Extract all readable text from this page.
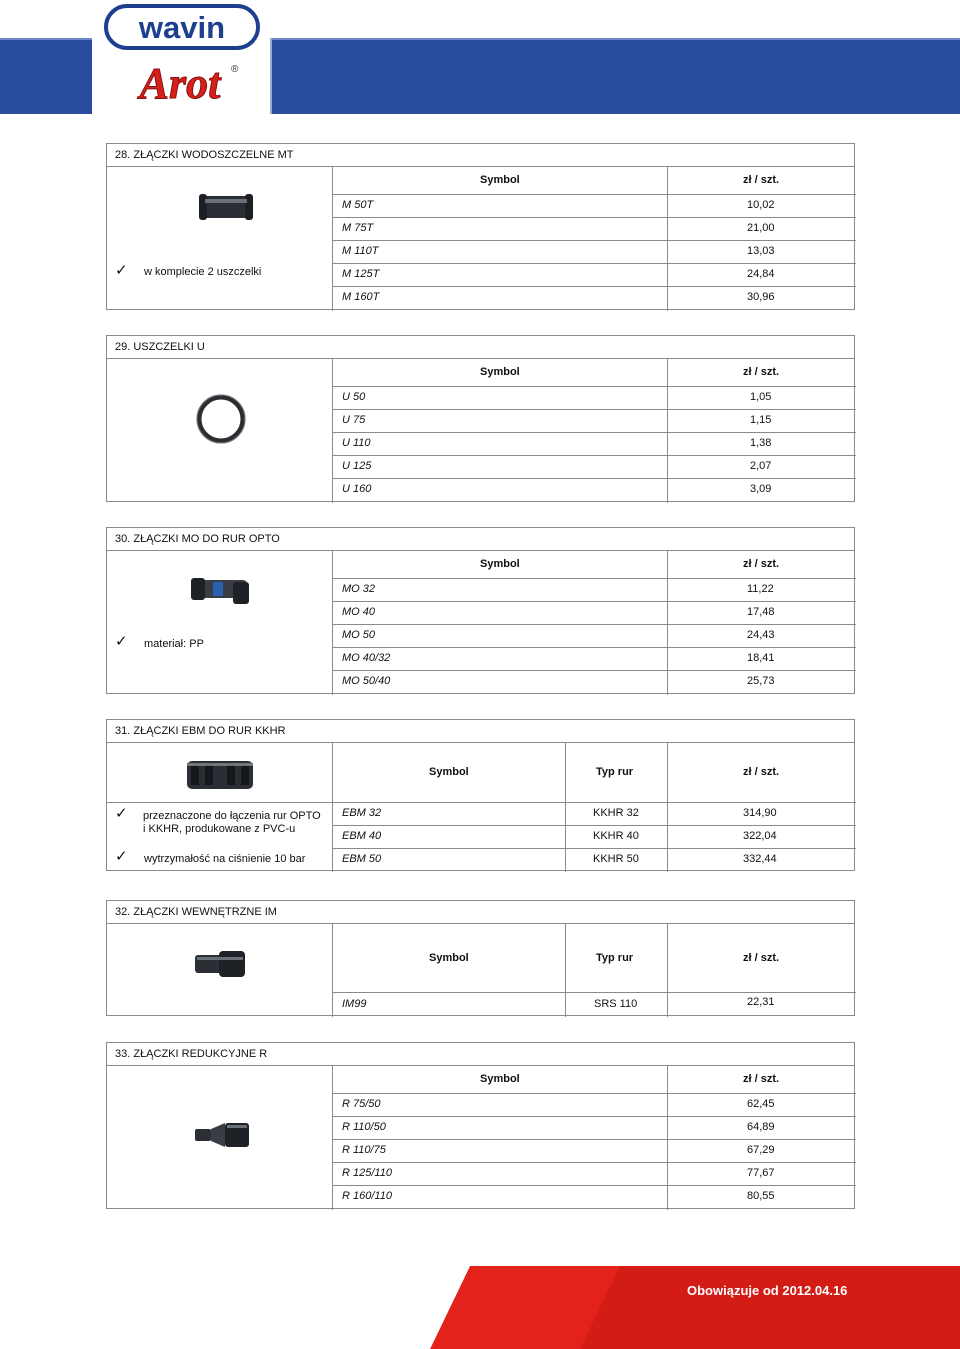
wavin
Arot ®
28. ZŁĄCZKI WODOSZCZELNE MT
Symbol	zł / szt.
M 50T	10,02
M 75T	21,00
M 110T	13,03
M 125T	24,84
M 160T	30,96
✓ w komplecie 2 uszczelki
29. USZCZELKI U
Symbol	zł / szt.
U 50	1,05
U 75	1,15
U 110	1,38
U 125	2,07
U 160	3,09
30. ZŁĄCZKI MO DO RUR OPTO
Symbol	zł / szt.
MO 32	11,22
MO 40	17,48
MO 50	24,43
MO 40/32	18,41
MO 50/40	25,73
✓ materiał: PP
31. ZŁĄCZKI EBM DO RUR KKHR
Symbol	Typ rur	zł / szt.
EBM 32	KKHR 32	314,90
EBM 40	KKHR 40	322,04
EBM 50	KKHR 50	332,44
✓ przeznaczone do łączenia rur OPTO i KKHR, produkowane z PVC-u
✓ wytrzymałość na ciśnienie 10 bar
32. ZŁĄCZKI WEWNĘTRZNE IM
Symbol	Typ rur	zł / szt.
IM99	SRS 110	22,31
33. ZŁĄCZKI REDUKCYJNE R
Symbol	zł / szt.
R 75/50	62,45
R 110/50	64,89
R 110/75	67,29
R 125/110	77,67
R 160/110	80,55
Obowiązuje od 2012.04.16
